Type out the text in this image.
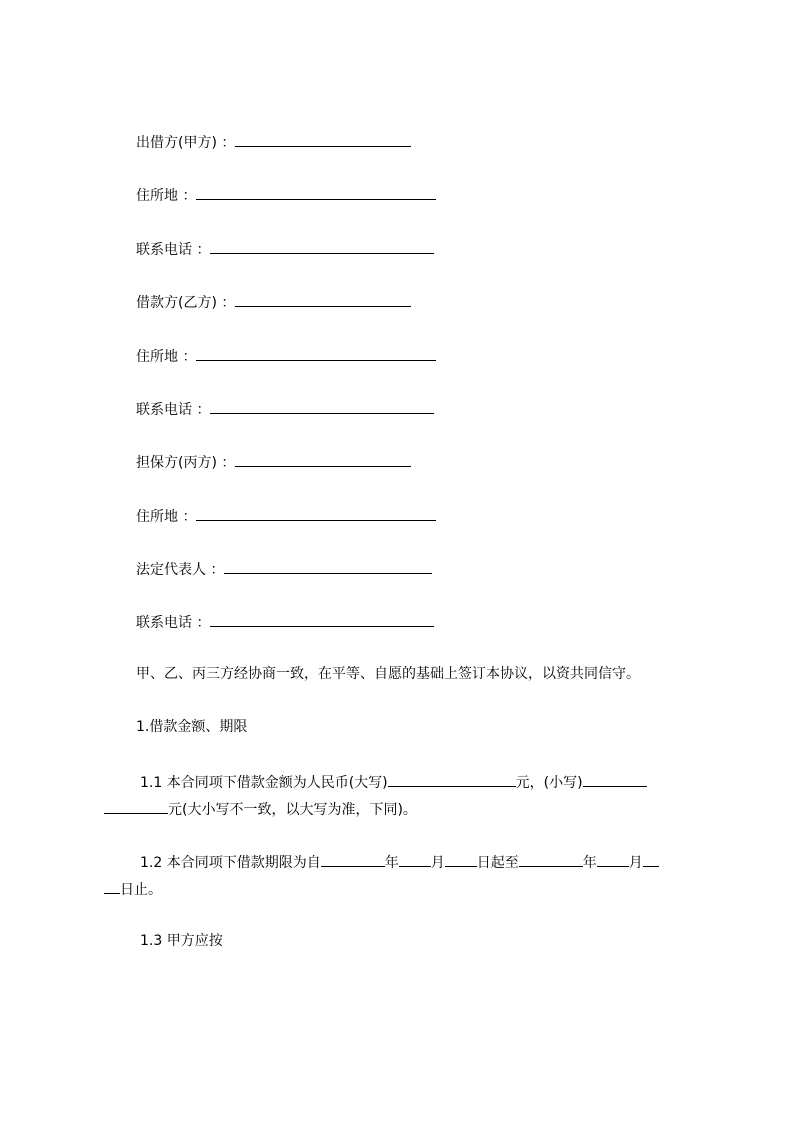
出借方(甲方) ：
住所地 ：
联系电话 ：
借款方(乙方) ：
住所地 ：
联系电话 ：
担保方(丙方) ：
住所地 ：
法定代表人 ：
联系电话 ：
甲、乙、丙三方经协商一致，在平等、自愿的基础上签订本协议，以资共同信守。
1.借款金额、期限
1.1 本合同项下借款金额为人民币(大写)	元，(小写)
元(大小写不一致，以大写为准，下同)。
1.2 本合同项下借款期限为自	年 月 日起至	年 月
日止。
1.3 甲方应按
